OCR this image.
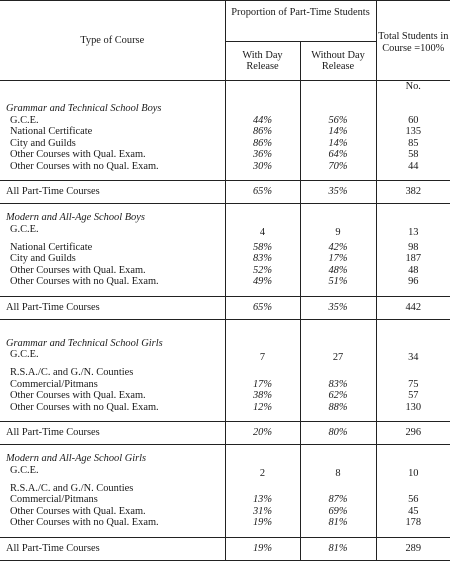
Type of Course	Proportion of Part-Time Students		Total Students in Course =100%
	With Day Release	Without Day Release	
			No.
Grammar and Technical School Boys			
G.C.E.	44%	56%	60
National Certificate	86%	14%	135
City and Guilds	86%	14%	85
Other Courses with Qual. Exam.	36%	64%	58
Other Courses with no Qual. Exam.	30%	70%	44

All Part-Time Courses	65%	35%	382

Modern and All-Age School Boys			
G.C.E.	4	9	13
National Certificate	58%	42%	98
City and Guilds	83%	17%	187
Other Courses with Qual. Exam.	52%	48%	48
Other Courses with no Qual. Exam.	49%	51%	96

All Part-Time Courses	65%	35%	442

Grammar and Technical School Girls			
G.C.E.	7	27	34
R.S.A./C. and G./N. Counties Commercial/Pitmans	17%	83%	75
Other Courses with Qual. Exam.	38%	62%	57
Other Courses with no Qual. Exam.	12%	88%	130

All Part-Time Courses	20%	80%	296

Modern and All-Age School Girls			
G.C.E.	2	8	10
R.S.A./C. and G./N. Counties Commercial/Pitmans	13%	87%	56
Other Courses with Qual. Exam.	31%	69%	45
Other Courses with no Qual. Exam.	19%	81%	178

All Part-Time Courses	19%	81%	289
